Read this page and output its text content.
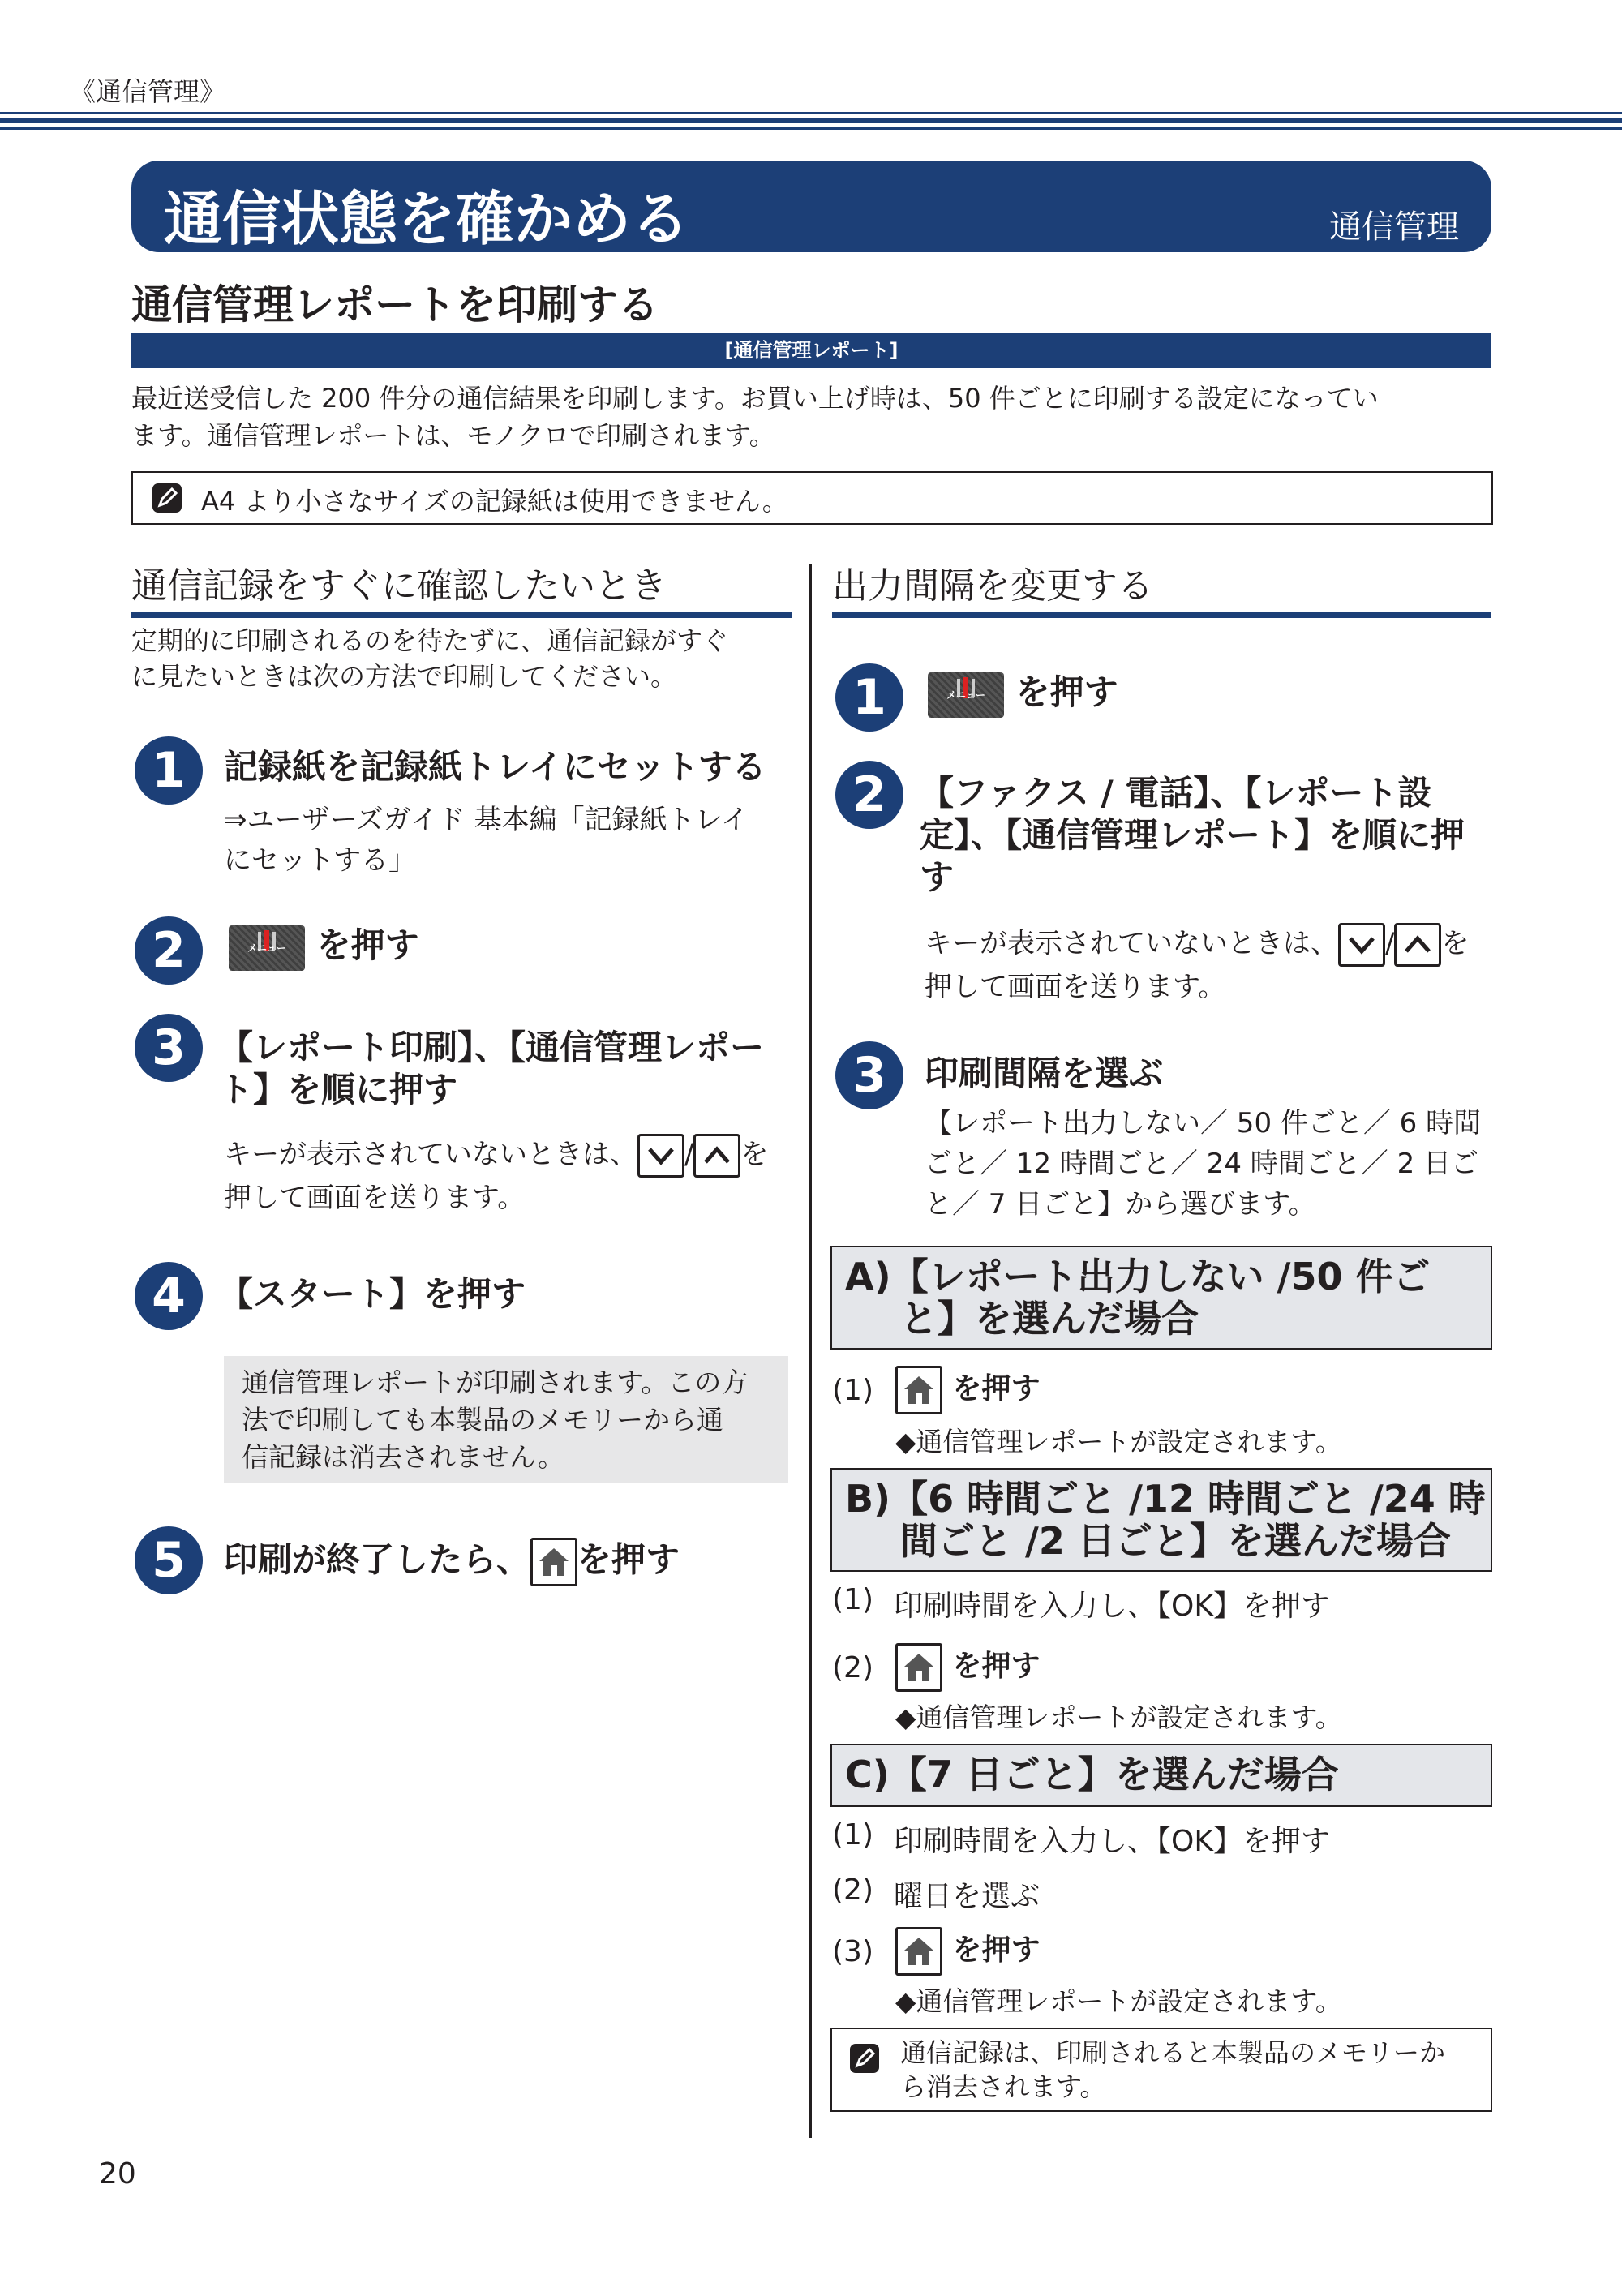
《通信管理》
通信状態を確かめる	通信管理
通信管理レポートを印刷する
[通信管理レポート]
最近送受信した 200 件分の通信結果を印刷します。お買い上げ時は、50 件ごとに印刷する設定になってい
ます。通信管理レポートは、モノクロで印刷されます。
A4 より小さなサイズの記録紙は使用できません。
通信記録をすぐに確認したいとき
定期的に印刷されるのを待たずに、通信記録がすぐ
に見たいときは次の方法で印刷してください。
1	記録紙を記録紙トレイにセットする
⇒ユーザーズガイド 基本編「記録紙トレイ
にセットする」
2	メニュー を押す
3 【レポート印刷】、【通信管理レポー
ト】を順に押す
キーが表示されていないときは、 / を
押して画面を送ります。
4 【スタート】を押す
通信管理レポートが印刷されます。この方
法で印刷しても本製品のメモリーから通
信記録は消去されません。
5	印刷が終了したら、 を押す
出力間隔を変更する
1	メニュー を押す
2 【ファクス / 電話】、【レポート設
定】、【通信管理レポート】を順に押
す
キーが表示されていないときは、 / を
押して画面を送ります。
3	印刷間隔を選ぶ
【レポート出力しない／ 50 件ごと／ 6 時間
ごと／ 12 時間ごと／ 24 時間ごと／ 2 日ご
と／ 7 日ごと】から選びます。
A)【レポート出力しない /50 件ご
と】を選んだ場合
(1)	を押す
◆通信管理レポートが設定されます。
B)【6 時間ごと /12 時間ごと /24 時
間ごと /2 日ごと】を選んだ場合
(1) 印刷時間を入力し、【OK】を押す
(2)	を押す
◆通信管理レポートが設定されます。
C)【7 日ごと】を選んだ場合
(1) 印刷時間を入力し、【OK】を押す
(2) 曜日を選ぶ
(3)	を押す
◆通信管理レポートが設定されます。
通信記録は、印刷されると本製品のメモリーか
ら消去されます。
20
